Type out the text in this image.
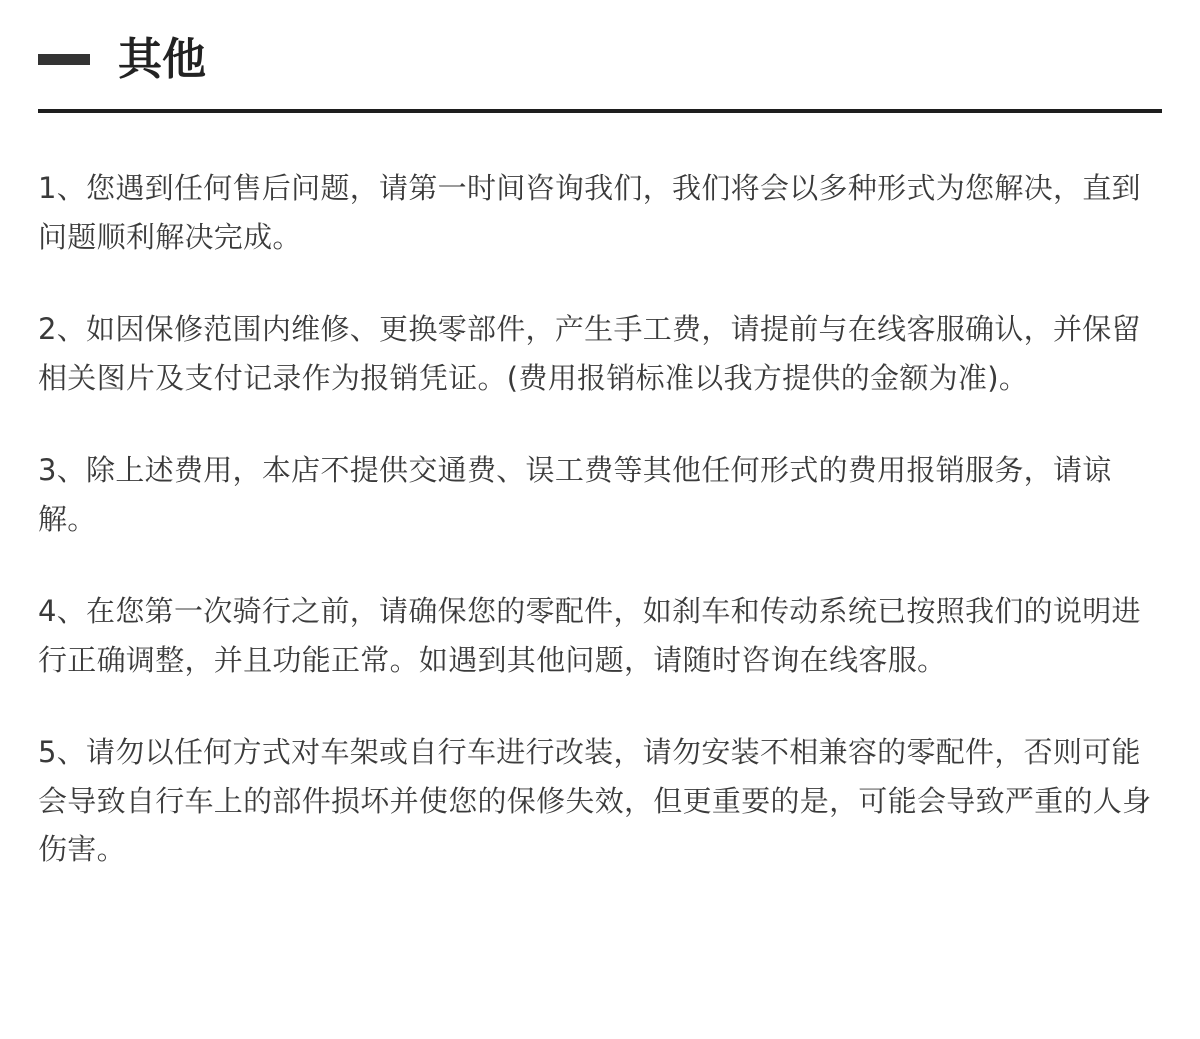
其他

1、您遇到任何售后问题，请第一时间咨询我们，我们将会以多种形式为您解决，直到问题顺利解决完成。

2、如因保修范围内维修、更换零部件，产生手工费，请提前与在线客服确认，并保留相关图片及支付记录作为报销凭证。(费用报销标准以我方提供的金额为准)。

3、除上述费用，本店不提供交通费、误工费等其他任何形式的费用报销服务，请谅解。

4、在您第一次骑行之前，请确保您的零配件，如刹车和传动系统已按照我们的说明进行正确调整，并且功能正常。如遇到其他问题，请随时咨询在线客服。

5、请勿以任何方式对车架或自行车进行改装，请勿安装不相兼容的零配件，否则可能会导致自行车上的部件损坏并使您的保修失效，但更重要的是，可能会导致严重的人身伤害。
